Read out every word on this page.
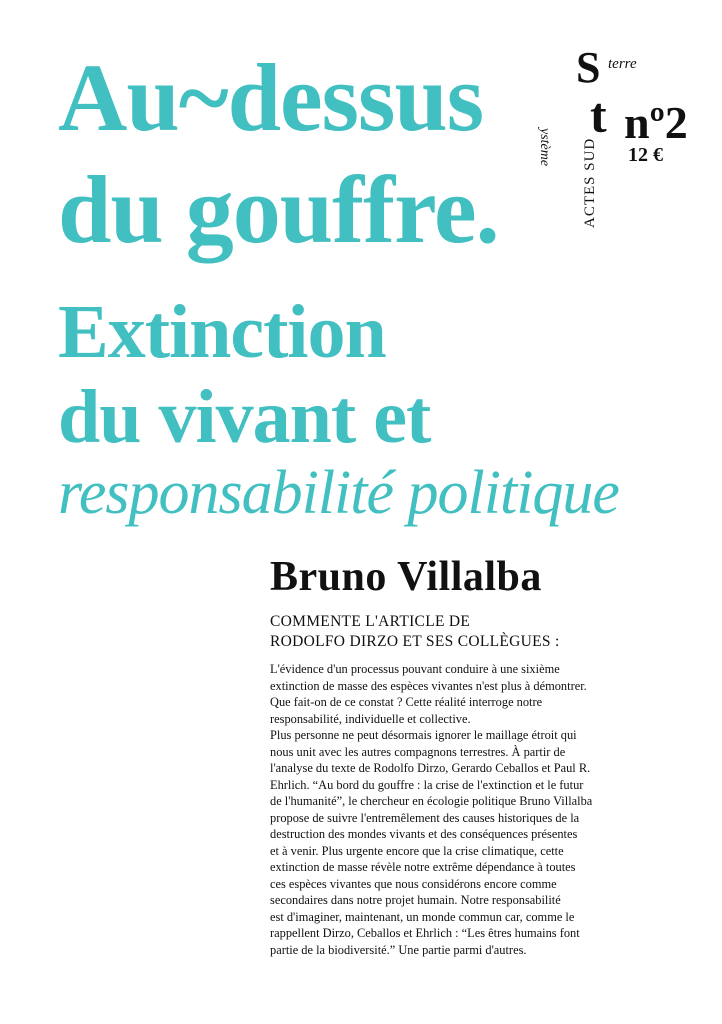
Au~dessus
du gouffre.
Extinction
du vivant et
responsabilité politique
S terre
t
ystème ACTES SUD
nº2
12 €
Bruno Villalba
COMMENTE L'ARTICLE DE
RODOLFO DIRZO ET SES COLLÈGUES :
L'évidence d'un processus pouvant conduire à une sixième
extinction de masse des espèces vivantes n'est plus à démontrer.
Que fait-on de ce constat ? Cette réalité interroge notre
responsabilité, individuelle et collective.
Plus personne ne peut désormais ignorer le maillage étroit qui
nous unit avec les autres compagnons terrestres. À partir de
l'analyse du texte de Rodolfo Dirzo, Gerardo Ceballos et Paul R.
Ehrlich. “Au bord du gouffre : la crise de l'extinction et le futur
de l'humanité”, le chercheur en écologie politique Bruno Villalba
propose de suivre l'entremêlement des causes historiques de la
destruction des mondes vivants et des conséquences présentes
et à venir. Plus urgente encore que la crise climatique, cette
extinction de masse révèle notre extrême dépendance à toutes
ces espèces vivantes que nous considérons encore comme
secondaires dans notre projet humain. Notre responsabilité
est d'imaginer, maintenant, un monde commun car, comme le
rappellent Dirzo, Ceballos et Ehrlich : “Les êtres humains font
partie de la biodiversité.” Une partie parmi d'autres.
